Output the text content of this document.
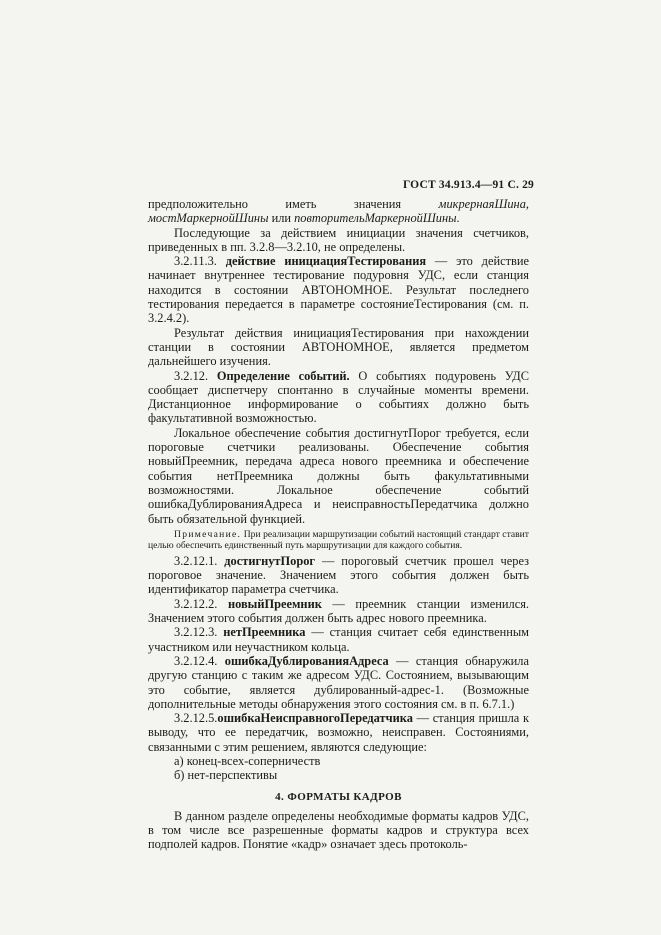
ГОСТ 34.913.4—91 С. 29

предположительно иметь значения микрернаяШина, мостМаркернойШины или повторительМаркернойШины.

Последующие за действием инициации значения счетчиков, приведенных в пп. 3.2.8—3.2.10, не определены.

3.2.11.3. действие инициацияТестирования — это действие начинает внутреннее тестирование подуровня УДС, если станция находится в состоянии АВТОНОМНОЕ. Результат последнего тестирования передается в параметре состояниеТестирования (см. п. 3.2.4.2).

Результат действия инициацияТестирования при нахождении станции в состоянии АВТОНОМНОЕ, является предметом дальнейшего изучения.

3.2.12. Определение событий. О событиях подуровень УДС сообщает диспетчеру спонтанно в случайные моменты времени. Дистанционное информирование о событиях должно быть факультативной возможностью.

Локальное обеспечение события достигнутПорог требуется, если пороговые счетчики реализованы. Обеспечение события новыйПреемник, передача адреса нового преемника и обеспечение события нетПреемника должны быть факультативными возможностями. Локальное обеспечение событий ошибкаДублированияАдреса и неисправностьПередатчика должно быть обязательной функцией.

Примечание. При реализации маршрутизации событий настоящий стандарт ставит целью обеспечить единственный путь маршрутизации для каждого события.

3.2.12.1. достигнутПорог — пороговый счетчик прошел через пороговое значение. Значением этого события должен быть идентификатор параметра счетчика.

3.2.12.2. новыйПреемник — преемник станции изменился. Значением этого события должен быть адрес нового преемника.

3.2.12.3. нетПреемника — станция считает себя единственным участником или неучастником кольца.

3.2.12.4. ошибкаДублированияАдреса — станция обнаружила другую станцию с таким же адресом УДС. Состоянием, вызывающим это событие, является дублированный-адрес-1. (Возможные дополнительные методы обнаружения этого состояния см. в п. 6.7.1.)

3.2.12.5.ошибкаНеисправногоПередатчика — станция пришла к выводу, что ее передатчик, возможно, неисправен. Состояниями, связанными с этим решением, являются следующие:

а) конец-всех-соперничеств

б) нет-перспективы

4. ФОРМАТЫ КАДРОВ

В данном разделе определены необходимые форматы кадров УДС, в том числе все разрешенные форматы кадров и структура всех подполей кадров. Понятие «кадр» означает здесь протоколь-
